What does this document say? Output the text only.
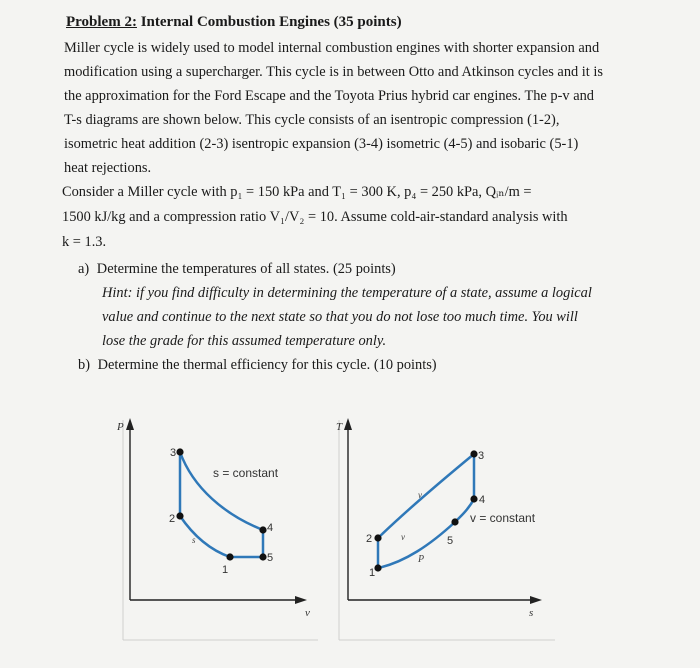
Problem 2: Internal Combustion Engines (35 points)
Miller cycle is widely used to model internal combustion engines with shorter expansion and
modification using a supercharger. This cycle is in between Otto and Atkinson cycles and it is
the approximation for the Ford Escape and the Toyota Prius hybrid car engines. The p-v and
T-s diagrams are shown below. This cycle consists of an isentropic compression (1-2),
isometric heat addition (2-3) isentropic expansion (3-4) isometric (4-5) and isobaric (5-1)
heat rejections.
Consider a Miller cycle with p₁ = 150 kPa and T₁ = 300 K, p₄ = 250 kPa, Qᵢₙ/m =
1500 kJ/kg and a compression ratio V₁/V₂ = 10. Assume cold-air-standard analysis with
k = 1.3.
a) Determine the temperatures of all states. (25 points)
Hint: if you find difficulty in determining the temperature of a state, assume a logical
value and continue to the next state so that you do not lose too much time. You will
lose the grade for this assumed temperature only.
b) Determine the thermal efficiency for this cycle. (10 points)
P
v
3
2
4
5
1
s = constant
s
T
s
3
4
5
2
1
v = constant
v
v
P
